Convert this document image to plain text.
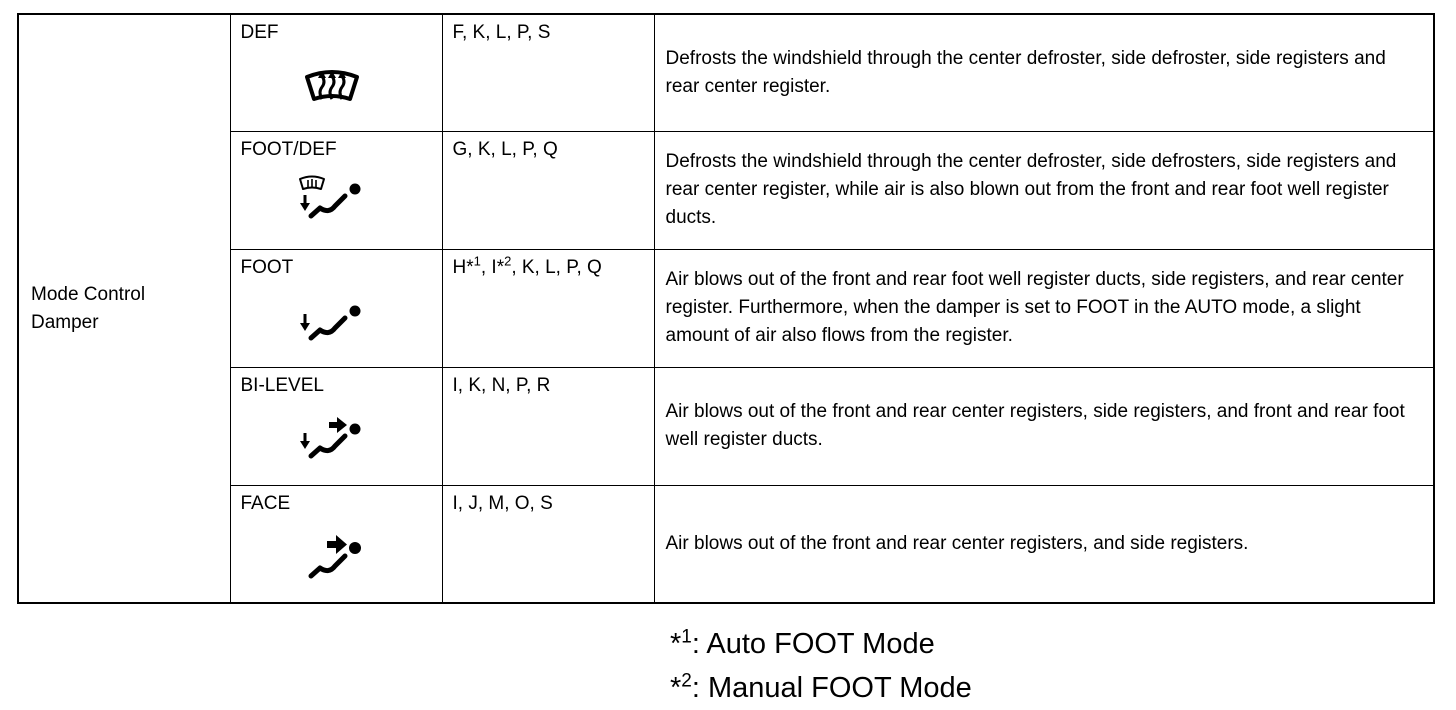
Mode Control
Damper	DEF	F, K, L, P, S	Defrosts the windshield through the center defroster, side defroster, side registers and rear center register.
	FOOT/DEF	G, K, L, P, Q	Defrosts the windshield through the center defroster, side defrosters, side registers and rear center register, while air is also blown out from the front and rear foot well register ducts.
	FOOT	H*$^1$, I*$^2$, K, L, P, Q	Air blows out of the front and rear foot well register ducts, side registers, and rear center register. Furthermore, when the damper is set to FOOT in the AUTO mode, a slight amount of air also flows from the register.
	BI-LEVEL	I, K, N, P, R	Air blows out of the front and rear center registers, side registers, and front and rear foot well register ducts.
	FACE	I, J, M, O, S	Air blows out of the front and rear center registers, and side registers.
*$^1$: Auto FOOT Mode
*$^2$: Manual FOOT Mode
